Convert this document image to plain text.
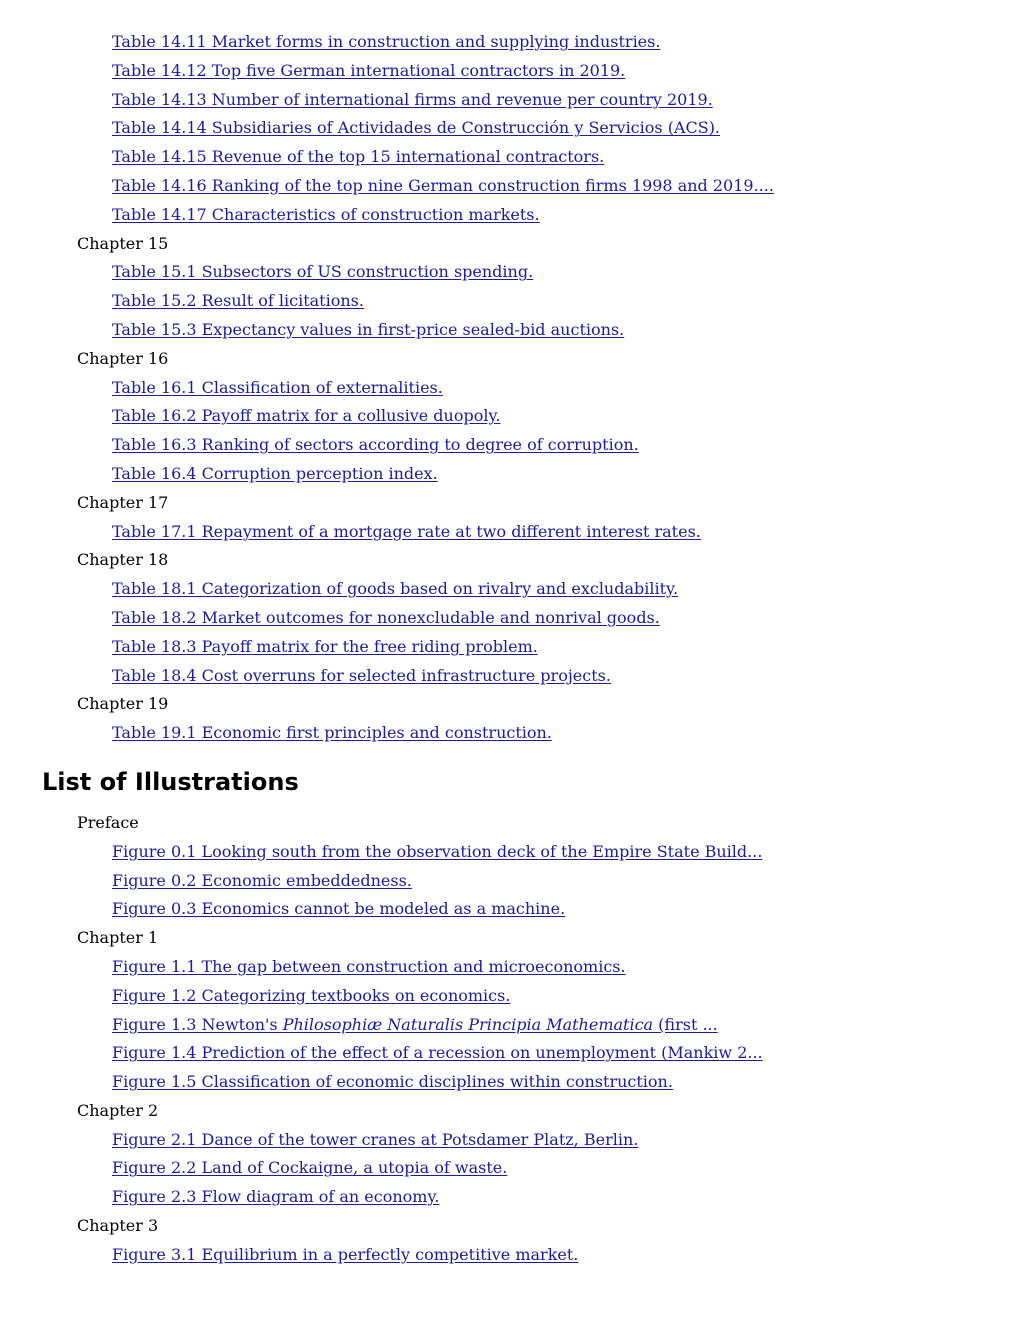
Table 14.11 Market forms in construction and supplying industries.
Table 14.12 Top five German international contractors in 2019.
Table 14.13 Number of international firms and revenue per country 2019.
Table 14.14 Subsidiaries of Actividades de Construcción y Servicios (ACS).
Table 14.15 Revenue of the top 15 international contractors.
Table 14.16 Ranking of the top nine German construction firms 1998 and 2019....
Table 14.17 Characteristics of construction markets.
Chapter 15
Table 15.1 Subsectors of US construction spending.
Table 15.2 Result of licitations.
Table 15.3 Expectancy values in first-price sealed-bid auctions.
Chapter 16
Table 16.1 Classification of externalities.
Table 16.2 Payoff matrix for a collusive duopoly.
Table 16.3 Ranking of sectors according to degree of corruption.
Table 16.4 Corruption perception index.
Chapter 17
Table 17.1 Repayment of a mortgage rate at two different interest rates.
Chapter 18
Table 18.1 Categorization of goods based on rivalry and excludability.
Table 18.2 Market outcomes for nonexcludable and nonrival goods.
Table 18.3 Payoff matrix for the free riding problem.
Table 18.4 Cost overruns for selected infrastructure projects.
Chapter 19
Table 19.1 Economic first principles and construction.
List of Illustrations
Preface
Figure 0.1 Looking south from the observation deck of the Empire State Build...
Figure 0.2 Economic embeddedness.
Figure 0.3 Economics cannot be modeled as a machine.
Chapter 1
Figure 1.1 The gap between construction and microeconomics.
Figure 1.2 Categorizing textbooks on economics.
Figure 1.3 Newton's Philosophiæ Naturalis Principia Mathematica (first ...
Figure 1.4 Prediction of the effect of a recession on unemployment (Mankiw 2...
Figure 1.5 Classification of economic disciplines within construction.
Chapter 2
Figure 2.1 Dance of the tower cranes at Potsdamer Platz, Berlin.
Figure 2.2 Land of Cockaigne, a utopia of waste.
Figure 2.3 Flow diagram of an economy.
Chapter 3
Figure 3.1 Equilibrium in a perfectly competitive market.
